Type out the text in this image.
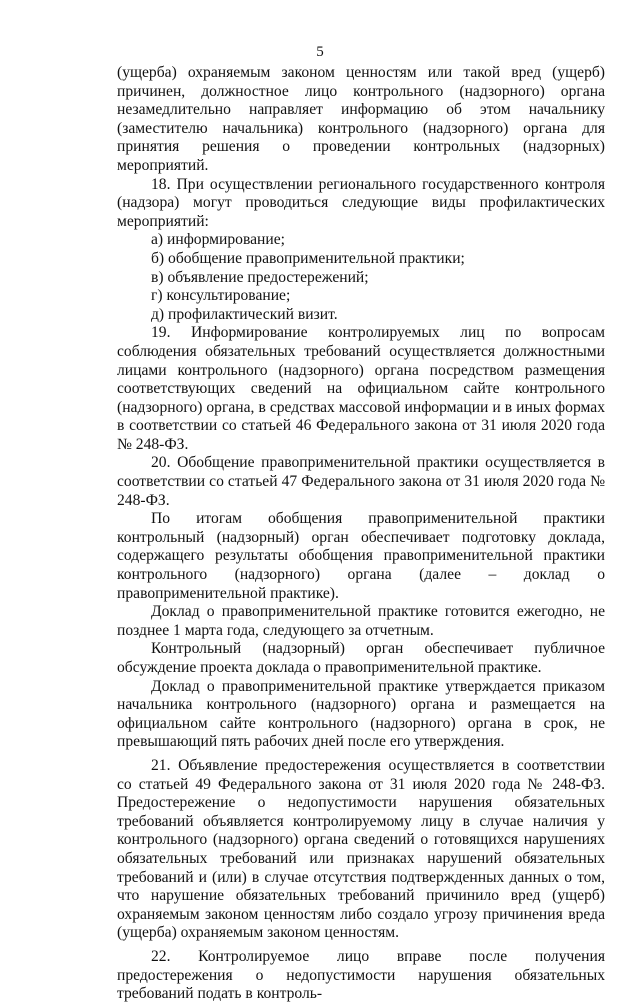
5

(ущерба) охраняемым законом ценностям или такой вред (ущерб) причинен, должностное лицо контрольного (надзорного) органа незамедлительно направляет информацию об этом начальнику (заместителю начальника) контрольного (надзорного) органа для принятия решения о проведении контрольных (надзорных) мероприятий.

18. При осуществлении регионального государственного контроля (надзора) могут проводиться следующие виды профилактических мероприятий:

а) информирование;

б) обобщение правоприменительной практики;

в) объявление предостережений;

г) консультирование;

д) профилактический визит.

19. Информирование контролируемых лиц по вопросам соблюдения обязательных требований осуществляется должностными лицами контрольного (надзорного) органа посредством размещения соответствующих сведений на официальном сайте контрольного (надзорного) органа, в средствах массовой информации и в иных формах в соответствии со статьей 46 Федерального закона от 31 июля 2020 года № 248-ФЗ.

20. Обобщение правоприменительной практики осуществляется в соответствии со статьей 47 Федерального закона от 31 июля 2020 года № 248-ФЗ.

По итогам обобщения правоприменительной практики контрольный (надзорный) орган обеспечивает подготовку доклада, содержащего результаты обобщения правоприменительной практики контрольного (надзорного) органа (далее – доклад о правоприменительной практике).

Доклад о правоприменительной практике готовится ежегодно, не позднее 1 марта года, следующего за отчетным.

Контрольный (надзорный) орган обеспечивает публичное обсуждение проекта доклада о правоприменительной практике.

Доклад о правоприменительной практике утверждается приказом начальника контрольного (надзорного) органа и размещается на официальном сайте контрольного (надзорного) органа в срок, не превышающий пять рабочих дней после его утверждения.

21. Объявление предостережения осуществляется в соответствии со статьей 49 Федерального закона от 31 июля 2020 года № 248-ФЗ. Предостережение о недопустимости нарушения обязательных требований объявляется контролируемому лицу в случае наличия у контрольного (надзорного) органа сведений о готовящихся нарушениях обязательных требований или признаках нарушений обязательных требований и (или) в случае отсутствия подтвержденных данных о том, что нарушение обязательных требований причинило вред (ущерб) охраняемым законом ценностям либо создало угрозу причинения вреда (ущерба) охраняемым законом ценностям.

22. Контролируемое лицо вправе после получения предостережения о недопустимости нарушения обязательных требований подать в контроль-
